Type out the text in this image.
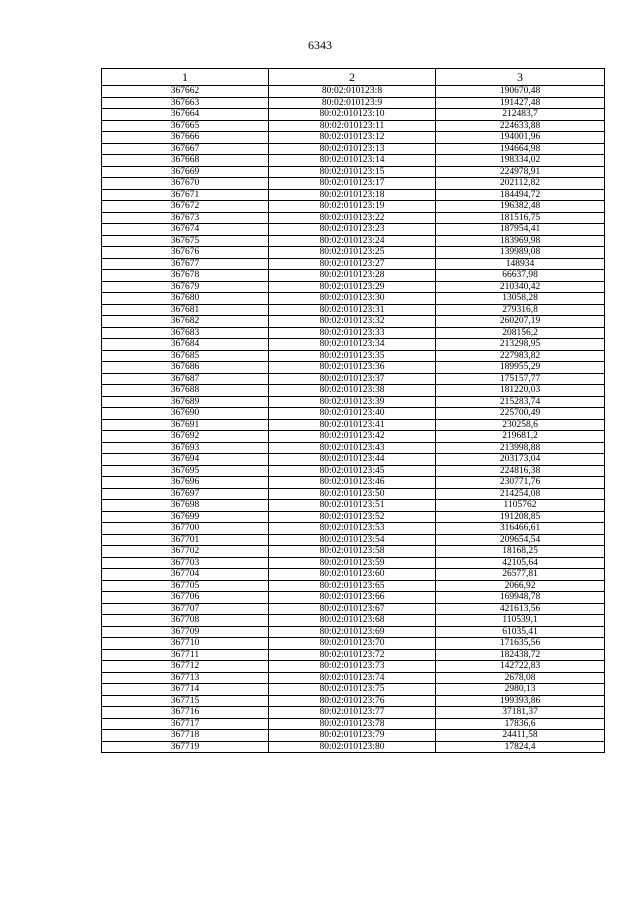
6343
1	2	3
367662	80:02:010123:8	190670,48
367663	80:02:010123:9	191427,48
367664	80:02:010123:10	212483,7
367665	80:02:010123:11	224633,88
367666	80:02:010123:12	194001,96
367667	80:02:010123:13	194664,98
367668	80:02:010123:14	198334,02
367669	80:02:010123:15	224978,91
367670	80:02:010123:17	202112,82
367671	80:02:010123:18	184494,72
367672	80:02:010123:19	196382,48
367673	80:02:010123:22	181516,75
367674	80:02:010123:23	187954,41
367675	80:02:010123:24	183969,98
367676	80:02:010123:25	139989,08
367677	80:02:010123:27	148934
367678	80:02:010123:28	66637,98
367679	80:02:010123:29	210340,42
367680	80:02:010123:30	13058,28
367681	80:02:010123:31	279316,8
367682	80:02:010123:32	260207,19
367683	80:02:010123:33	208156,2
367684	80:02:010123:34	213298,95
367685	80:02:010123:35	227983,82
367686	80:02:010123:36	189955,29
367687	80:02:010123:37	175157,77
367688	80:02:010123:38	181220,03
367689	80:02:010123:39	215283,74
367690	80:02:010123:40	225700,49
367691	80:02:010123:41	230258,6
367692	80:02:010123:42	219681,2
367693	80:02:010123:43	213998,88
367694	80:02:010123:44	203173,04
367695	80:02:010123:45	224816,38
367696	80:02:010123:46	230771,76
367697	80:02:010123:50	214254,08
367698	80:02:010123:51	1105762
367699	80:02:010123:52	191208,85
367700	80:02:010123:53	316466,61
367701	80:02:010123:54	209654,54
367702	80:02:010123:58	18168,25
367703	80:02:010123:59	42105,64
367704	80:02:010123:60	26577,81
367705	80:02:010123:65	2066,92
367706	80:02:010123:66	169948,78
367707	80:02:010123:67	421613,56
367708	80:02:010123:68	110539,1
367709	80:02:010123:69	61035,41
367710	80:02:010123:70	171635,56
367711	80:02:010123:72	182438,72
367712	80:02:010123:73	142722,83
367713	80:02:010123:74	2678,08
367714	80:02:010123:75	2980,13
367715	80:02:010123:76	199393,86
367716	80:02:010123:77	37181,37
367717	80:02:010123:78	17836,6
367718	80:02:010123:79	24411,58
367719	80:02:010123:80	17824,4
